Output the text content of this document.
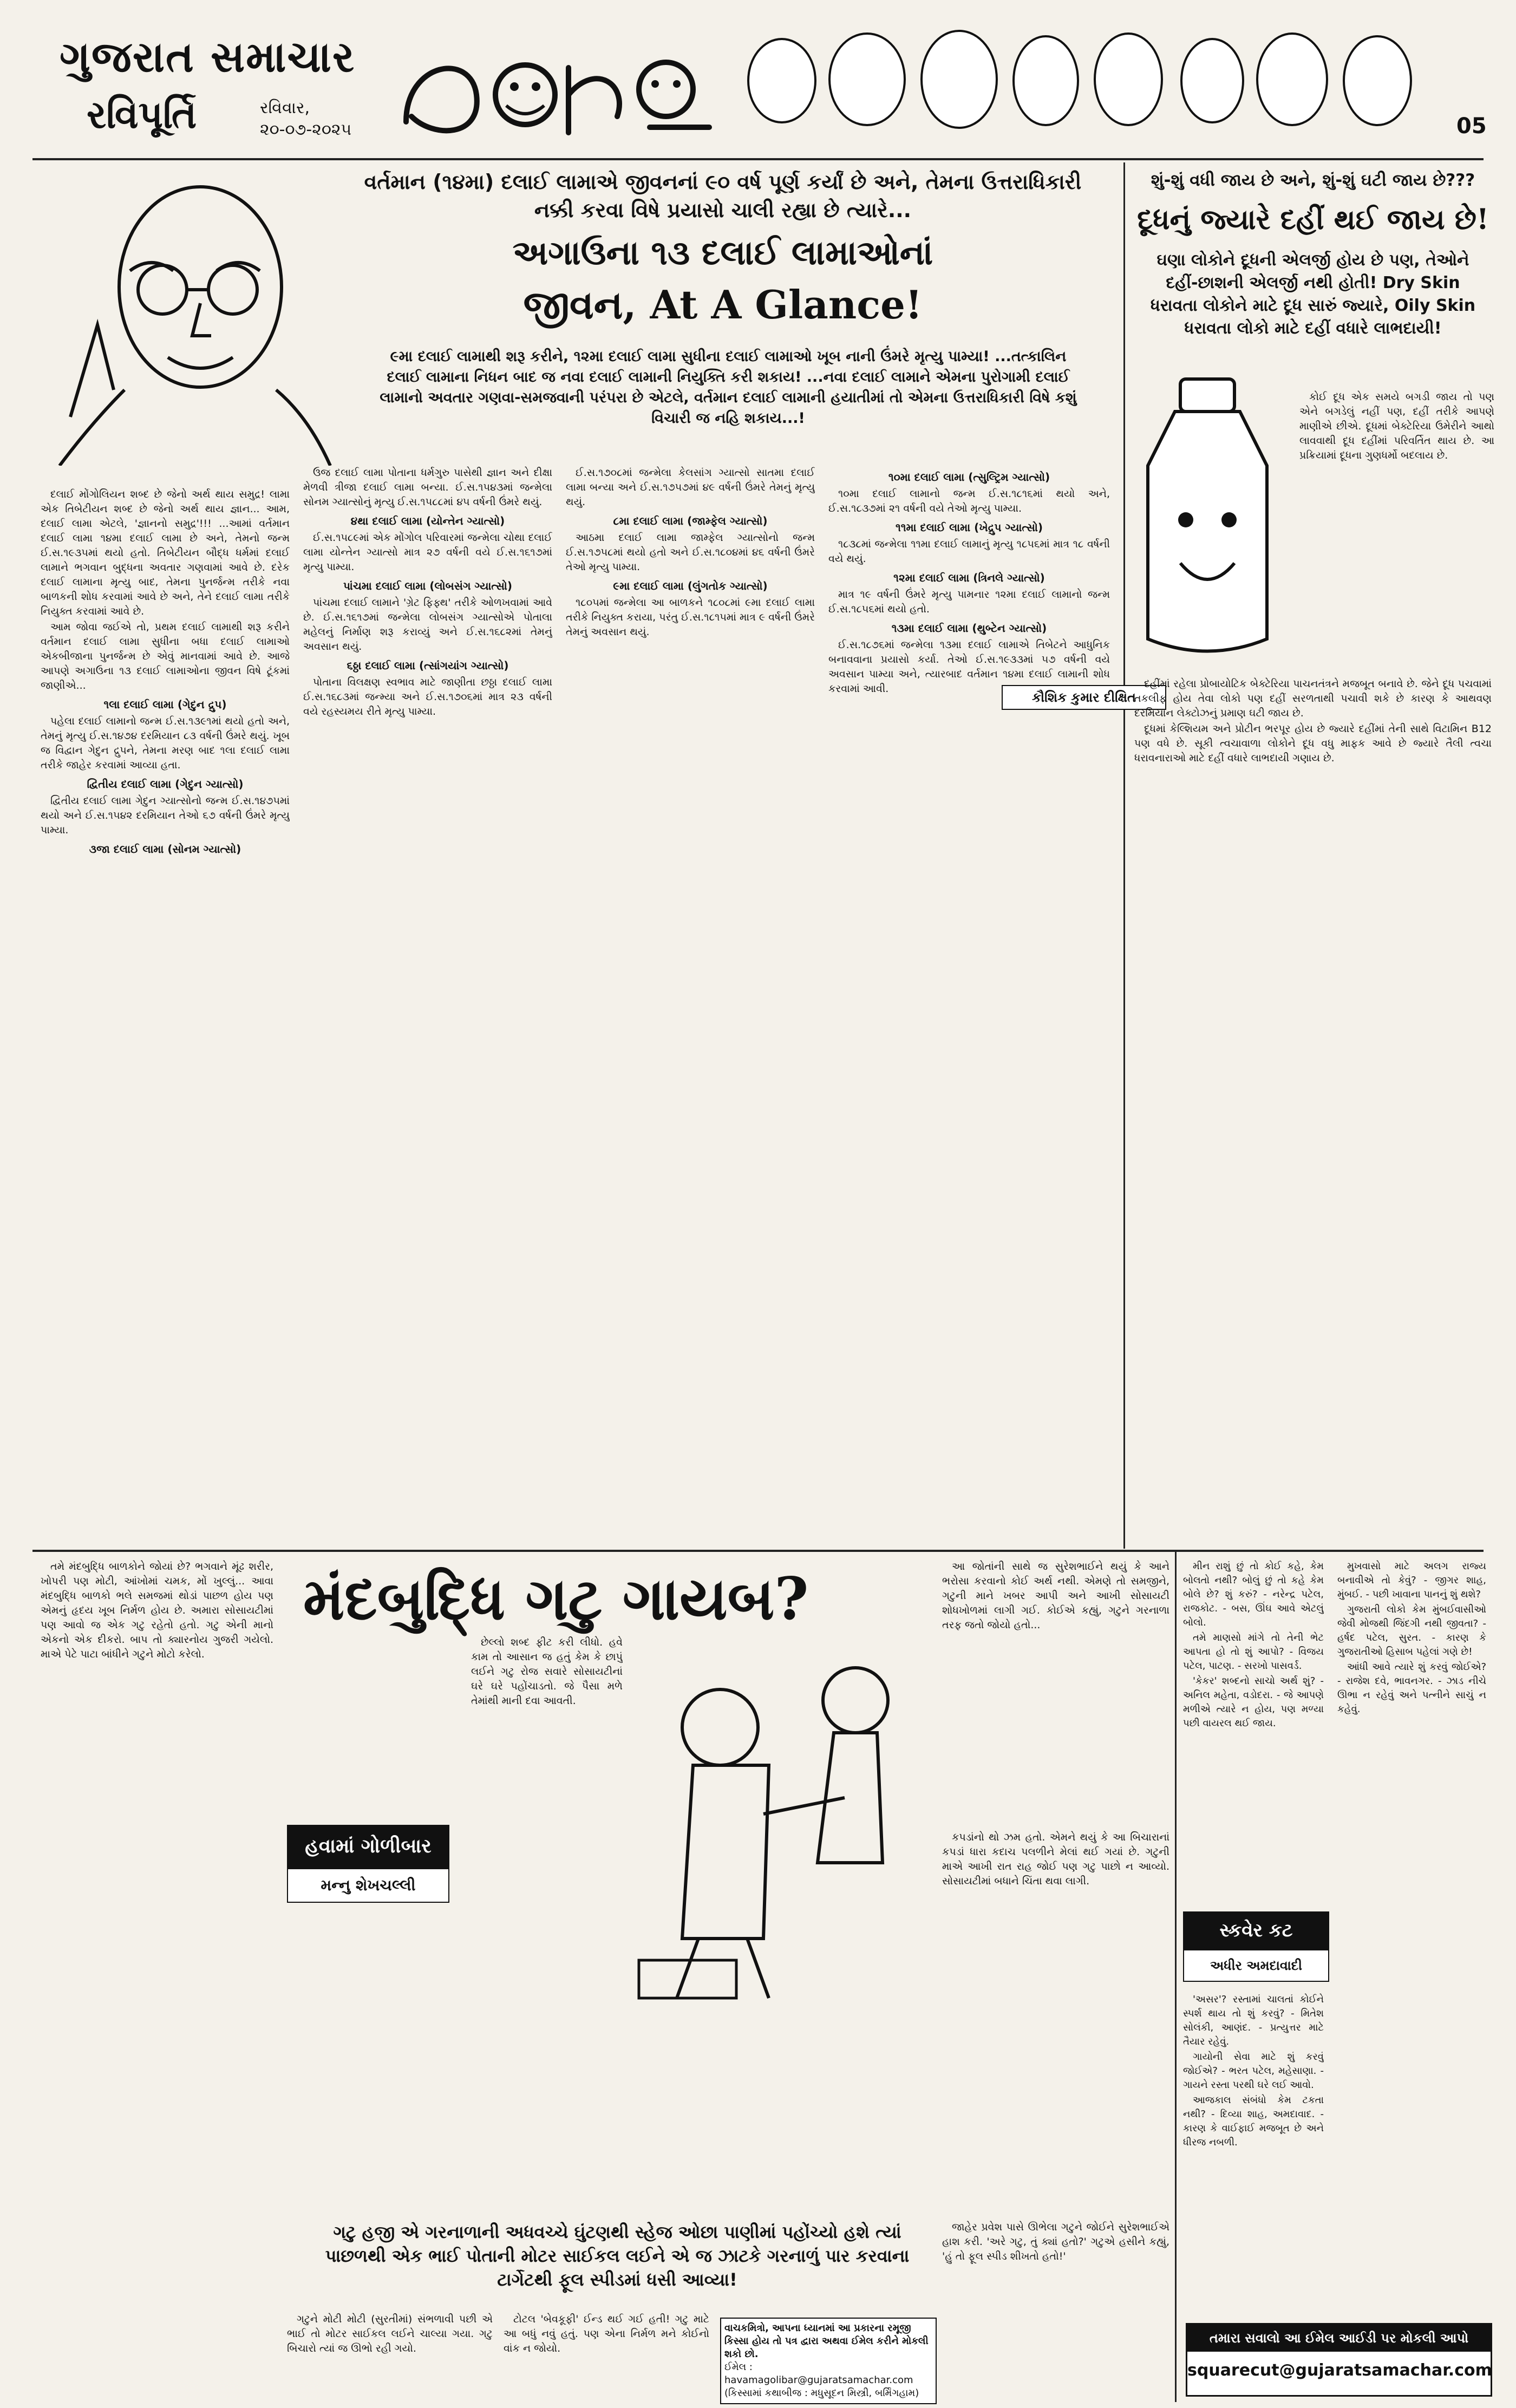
ગુજરાત સમાચાર
રવિપૂર્તિ	રવિવાર, ૨૦-૦૭-૨૦૨૫	05
વર્તમાન (૧૪મા) દલાઈ લામાએ જીવનનાં ૯૦ વર્ષ પૂર્ણ કર્યાં છે અને, તેમના ઉત્તરાધિકારી નક્કી કરવા વિષે પ્રયાસો ચાલી રહ્યા છે ત્યારે...
અગાઉના ૧૩ દલાઈ લામાઓનાં
જીવન, At A Glance!
૯મા દલાઈ લામાથી શરૂ કરીને, ૧૨મા દલાઈ લામા સુધીના દલાઈ લામાઓ ખૂબ નાની ઉંમરે મૃત્યુ પામ્યા! ...તત્કાલિન દલાઈ લામાના નિધન બાદ જ નવા દલાઈ લામાની નિયુક્તિ કરી શકાય! ...નવા દલાઈ લામાને એમના પુરોગામી દલાઈ લામાનો અવતાર ગણવા-સમજવાની પરંપરા છે એટલે, વર્તમાન દલાઈ લામાની હયાતીમાં તો એમના ઉત્તરાધિકારી વિષે કશું વિચારી જ નહિ શકાય...!

દલાઈ મોંગોલિયન શબ્દ છે જેનો અર્થ થાય સમુદ્ર! લામા એક તિબેટીયન શબ્દ છે જેનો અર્થ થાય જ્ઞાન... આમ, દલાઈ લામા એટલે, 'જ્ઞાનનો સમુદ્ર'!!! ...આમાં વર્તમાન દલાઈ લામા ૧૪મા દલાઈ લામા છે અને, તેમનો જન્મ ઈ.સ.૧૯૩૫માં થયો હતો. તિબેટીયન બૌદ્ધ ધર્મમાં દલાઈ લામાને ભગવાન બુદ્ધના અવતાર ગણવામાં આવે છે. દરેક દલાઈ લામાના મૃત્યુ બાદ, તેમના પુનર્જન્મ તરીકે નવા બાળકની શોધ કરવામાં આવે છે અને, તેને દલાઈ લામા તરીકે નિયુક્ત કરવામાં આવે છે.

આમ જોવા જઈએ તો, પ્રથમ દલાઈ લામાથી શરૂ કરીને વર્તમાન દલાઈ લામા સુધીના બધા દલાઈ લામાઓ એકબીજાના પુનર્જન્મ છે એવું માનવામાં આવે છે. આજે આપણે અગાઉના ૧૩ દલાઈ લામાઓના જીવન વિષે ટૂંકમાં જાણીએ...

૧લા દલાઈ લામા (ગેદુન દ્રુપ)

પહેલા દલાઈ લામાનો જન્મ ઈ.સ.૧૩૯૧માં થયો હતો અને, તેમનું મૃત્યુ ઈ.સ.૧૪૭૪ દરમિયાન ૮૩ વર્ષની ઉંમરે થયું. ખૂબ જ વિદ્વાન ગેદુન દ્રુપને, તેમના મરણ બાદ ૧લા દલાઈ લામા તરીકે જાહેર કરવામાં આવ્યા હતા.

દ્વિતીય દલાઈ લામા (ગેદુન ગ્યાત્સો)

દ્વિતીય દલાઈ લામા ગેદુન ગ્યાત્સોનો જન્મ ઈ.સ.૧૪૭૫માં થયો અને ઈ.સ.૧૫૪૨ દરમિયાન તેઓ ૬૭ વર્ષની ઉંમરે મૃત્યુ પામ્યા.

૩જા દલાઈ લામા (સોનમ ગ્યાત્સો)

ઉજ દલાઈ લામા પોતાના ધર્મગુરુ પાસેથી જ્ઞાન અને દીક્ષા મેળવી ત્રીજા દલાઈ લામા બન્યા. ઈ.સ.૧૫૪૩માં જન્મેલા સોનમ ગ્યાત્સોનું મૃત્યુ ઈ.સ.૧૫૮૮માં ૪૫ વર્ષની ઉંમરે થયું.

૪થા દલાઈ લામા (યોન્તેન ગ્યાત્સો)

ઈ.સ.૧૫૮૯માં એક મોંગોલ પરિવારમાં જન્મેલા ચોથા દલાઈ લામા યોન્તેન ગ્યાત્સો માત્ર ૨૭ વર્ષની વયે ઈ.સ.૧૬૧૭માં મૃત્યુ પામ્યા.

પાંચમા દલાઈ લામા (લોબસંગ ગ્યાત્સો)

પાંચમા દલાઈ લામાને 'ગ્રેટ ફિફ્થ' તરીકે ઓળખવામાં આવે છે. ઈ.સ.૧૬૧૭માં જન્મેલા લોબસંગ ગ્યાત્સોએ પોતાલા મહેલનું નિર્માણ શરૂ કરાવ્યું અને ઈ.સ.૧૬૮૨માં તેમનું અવસાન થયું.

૬ઠ્ઠા દલાઈ લામા (ત્સાંગયાંગ ગ્યાત્સો)

પોતાના વિલક્ષણ સ્વભાવ માટે જાણીતા છઠ્ઠા દલાઈ લામા ઈ.સ.૧૬૮૩માં જન્મ્યા અને ઈ.સ.૧૭૦૬માં માત્ર ૨૩ વર્ષની વયે રહસ્યમય રીતે મૃત્યુ પામ્યા.

ઈ.સ.૧૭૦૮માં જન્મેલા કેલસાંગ ગ્યાત્સો સાતમા દલાઈ લામા બન્યા અને ઈ.સ.૧૭૫૭માં ૪૯ વર્ષની ઉંમરે તેમનું મૃત્યુ થયું.

૮મા દલાઈ લામા (જામ્ફેલ ગ્યાત્સો)

આઠમા દલાઈ લામા જામ્ફેલ ગ્યાત્સોનો જન્મ ઈ.સ.૧૭૫૮માં થયો હતો અને ઈ.સ.૧૮૦૪માં ૪૬ વર્ષની ઉંમરે તેઓ મૃત્યુ પામ્યા.

૯મા દલાઈ લામા (લુંગતોક ગ્યાત્સો)

૧૮૦૫માં જન્મેલા આ બાળકને ૧૮૦૮માં ૯મા દલાઈ લામા તરીકે નિયુક્ત કરાયા, પરંતુ ઈ.સ.૧૮૧૫માં માત્ર ૯ વર્ષની ઉંમરે તેમનું અવસાન થયું.

૧૦મા દલાઈ લામા (ત્સુલ્ટ્રિમ ગ્યાત્સો)

૧૦મા દલાઈ લામાનો જન્મ ઈ.સ.૧૮૧૬માં થયો અને, ઈ.સ.૧૮૩૭માં ૨૧ વર્ષની વયે તેઓ મૃત્યુ પામ્યા.

૧૧મા દલાઈ લામા (ખેદ્રુપ ગ્યાત્સો)

૧૮૩૮માં જન્મેલા ૧૧મા દલાઈ લામાનું મૃત્યુ ૧૮૫૬માં માત્ર ૧૮ વર્ષની વયે થયું.

૧૨મા દલાઈ લામા (ત્રિનલે ગ્યાત્સો)

માત્ર ૧૯ વર્ષની ઉંમરે મૃત્યુ પામનાર ૧૨મા દલાઈ લામાનો જન્મ ઈ.સ.૧૮૫૬માં થયો હતો.

૧૩મા દલાઈ લામા (થુબ્ટેન ગ્યાત્સો)

ઈ.સ.૧૮૭૬માં જન્મેલા ૧૩મા દલાઈ લામાએ તિબેટને આધુનિક બનાવવાના પ્રયાસો કર્યા. તેઓ ઈ.સ.૧૯૩૩માં ૫૭ વર્ષની વયે અવસાન પામ્યા અને, ત્યારબાદ વર્તમાન ૧૪મા દલાઈ લામાની શોધ કરવામાં આવી.

શું-શું વધી જાય છે અને, શું-શું ઘટી જાય છે???
દૂધનું જ્યારે દહીં થઈ જાય છે!
ઘણા લોકોને દૂધની એલર્જી હોય છે પણ, તેઓને દહીં-છાશની એલર્જી નથી હોતી! Dry Skin ધરાવતા લોકોને માટે દૂધ સારું જ્યારે, Oily Skin ધરાવતા લોકો માટે દહીં વધારે લાભદાયી!

કોઈ દૂધ એક સમયે બગડી જાય તો પણ એને બગડેલું નહીં પણ, દહીં તરીકે આપણે માણીએ છીએ. દૂધમાં બેક્ટેરિયા ઉમેરીને આથો લાવવાથી દૂધ દહીંમાં પરિવર્તિત થાય છે. આ પ્રક્રિયામાં દૂધના ગુણધર્મો બદલાય છે.

કૌશિક કુમાર દીક્ષિત

દહીંમાં રહેલા પ્રોબાયોટિક બેક્ટેરિયા પાચનતંત્રને મજબૂત બનાવે છે. જેને દૂધ પચવામાં તકલીફ હોય તેવા લોકો પણ દહીં સરળતાથી પચાવી શકે છે કારણ કે આથવણ દરમિયાન લેક્ટોઝનું પ્રમાણ ઘટી જાય છે.

દૂધમાં કેલ્શિયમ અને પ્રોટીન ભરપૂર હોય છે જ્યારે દહીંમાં તેની સાથે વિટામિન B12 પણ વધે છે. સૂકી ત્વચાવાળા લોકોને દૂધ વધુ માફક આવે છે જ્યારે તૈલી ત્વચા ધરાવનારાઓ માટે દહીં વધારે લાભદાયી ગણાય છે.

તમે મંદબુદ્ધિ બાળકોને જોયાં છે? ભગવાને મૂંઢ શરીર, ખોપરી પણ મોટી, આંખોમાં ચમક, મોં ખુલ્લું... આવા મંદબુદ્ધિ બાળકો ભલે સમજમાં થોડાં પાછળ હોય પણ એમનું હૃદય ખૂબ નિર્મળ હોય છે. અમારા સોસાયટીમાં પણ આવો જ એક ગટુ રહેતો હતો. ગટુ એની માનો એકનો એક દીકરો. બાપ તો ક્યારનોય ગુજરી ગયેલો. માએ પેટે પાટા બાંધીને ગટુને મોટો કરેલો.

મંદબુદ્ધિ ગટુ ગાયબ?
હવામાં ગોળીબાર
મન્નુ શેખચલ્લી

છેલ્લો શબ્દ ફીટ કરી લીધો. હવે કામ તો આસાન જ હતું કેમ કે છાપું લઈને ગટુ રોજ સવારે સોસાયટીનાં ઘરે ઘરે પહોંચાડતો. જે પૈસા મળે તેમાંથી માની દવા આવતી.

કપડાંનો થો ઝમ હતો. એમને થયું કે આ બિચારાનાં કપડાં ધારા કદાચ પલળીને મેલાં થઈ ગયાં છે. ગટુની માએ આખી રાત રાહ જોઈ પણ ગટુ પાછો ન આવ્યો. સોસાયટીમાં બધાને ચિંતા થવા લાગી.

આ જોતાંની સાથે જ સુરેશભાઈને થયું કે આને ભરોસા કરવાનો કોઈ અર્થ નથી. એમણે તો સમજીને, ગટુની માને ખબર આપી અને આખી સોસાયટી શોધખોળમાં લાગી ગઈ. કોઈએ કહ્યું, ગટુને ગરનાળા તરફ જતો જોયો હતો...

ગટુ હજી એ ગરનાળાની અધવચ્ચે ઘુંટણથી સ્હેજ ઓછા પાણીમાં પહોંચ્યો હશે ત્યાં પાછળથી એક ભાઈ પોતાની મોટર સાઈકલ લઈને એ જ ઝાટકે ગરનાળું પાર કરવાના ટાર્ગેટથી ફૂલ સ્પીડમાં ધસી આવ્યા!

ગટુને મોટી મોટી (સુરતીમાં) સંભળાવી પછી એ ભાઈ તો મોટર સાઈકલ લઈને ચાલ્યા ગયા. ગટુ બિચારો ત્યાં જ ઊભો રહી ગયો.

ટોટલ 'બેવકૂફી' ઈન્ડ થઈ ગઈ હતી! ગટુ માટે આ બધું નવું હતું. પણ એના નિર્મળ મને કોઈનો વાંક ન જોયો.

જાહેર પ્રવેશ પાસે ઊભેલા ગટુને જોઈને સુરેશભાઈએ હાશ કરી. 'અરે ગટુ, તું ક્યાં હતો?' ગટુએ હસીને કહ્યું, 'હું તો ફૂલ સ્પીડ શીખતો હતો!'

વાચકમિત્રો, આપના ધ્યાનમાં આ પ્રકારના રમૂજી કિસ્સા હોય તો પત્ર દ્વારા અથવા ઈમેલ કરીને મોકલી શકો છો.
ઈમેલ : havamagolibar@gujaratsamachar.com
(કિસ્સામાં કથાબીજ : મધુસૂદન મિસ્ત્રી, બર્મિંગહામ)

મીન રાશું છું તો કોઈ કહે, કેમ બોલતો નથી? બોલું છું તો કહે કેમ બોલે છે? શું કરું? - નરેન્દ્ર પટેલ, રાજકોટ. - બસ, ઊંઘ આવે એટલું બોલો.

તમે માણસો માંગે તો તેની ભેટ આપતા હો તો શું આપો? - વિજય પટેલ, પાટણ. - સરખો પાસવર્ડ.

'કેકર' શબ્દનો સાચો અર્થ શું? - અનિલ મહેતા, વડોદરા. - જે આપણે મળીએ ત્યારે ન હોય, પણ મળ્યા પછી વાયરલ થઈ જાય.

મુખવાસો માટે અલગ રાજ્ય બનાવીએ તો કેવું? - જીગર શાહ, મુંબઈ. - પછી ખાવાના પાનનું શું થશે?

ગુજરાતી લોકો કેમ મુંબઈવાસીઓ જેવી મોજથી જિંદગી નથી જીવતા? - હર્ષદ પટેલ, સુરત. - કારણ કે ગુજરાતીઓ હિસાબ પહેલાં ગણે છે!

આંધી આવે ત્યારે શું કરવું જોઈએ? - રાજેશ દવે, ભાવનગર. - ઝાડ નીચે ઊભા ન રહેવું અને પત્નીને સાચું ન કહેવું.

સ્કવેર કટ
અધીર અમદાવાદી

'અસર'? રસ્તામાં ચાલતાં કોઈને સ્પર્શ થાય તો શું કરવું? - મિતેશ સોલંકી, આણંદ. - પ્રત્યુત્તર માટે તૈયાર રહેવું.

ગાયોની સેવા માટે શું કરવું જોઈએ? - ભરત પટેલ, મહેસાણા. - ગાયને રસ્તા પરથી ઘરે લઈ આવો.

આજકાલ સંબંધો કેમ ટકતા નથી? - દિવ્યા શાહ, અમદાવાદ. - કારણ કે વાઈફાઈ મજબૂત છે અને ધીરજ નબળી.

તમારા સવાલો આ ઈમેલ આઈડી પર મોકલી આપો
squarecut@gujaratsamachar.com
